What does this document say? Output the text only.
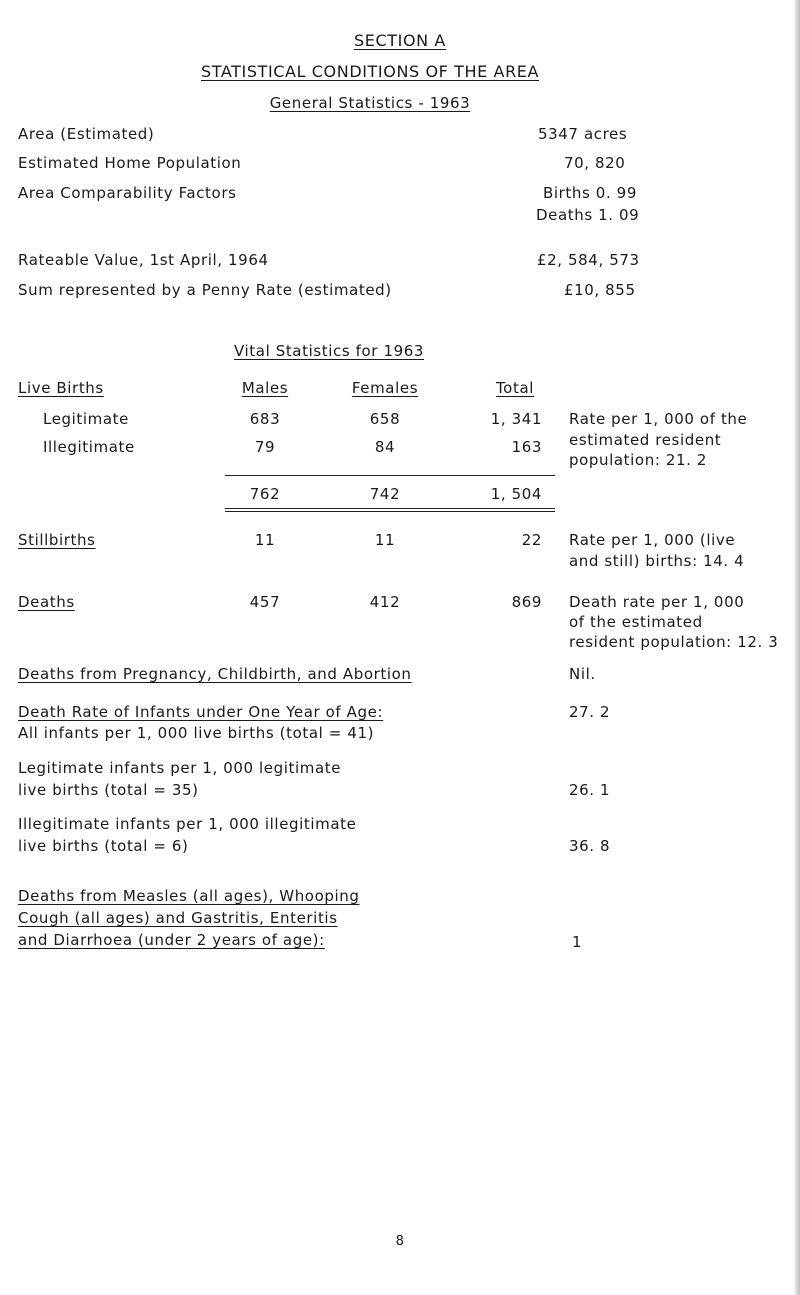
SECTION A
STATISTICAL CONDITIONS OF THE AREA
General Statistics - 1963
Area (Estimated)	5347 acres
Estimated Home Population	70, 820
Area Comparability Factors	Births 0. 99
Deaths 1. 09
Rateable Value, 1st April, 1964	£2, 584, 573
Sum represented by a Penny Rate (estimated)	£10, 855
Vital Statistics for 1963
Live Births	Males	Females	Total
Legitimate	683	658	1, 341
Illegitimate	79	84	163
Rate per 1, 000 of the
estimated resident
population: 21. 2
762	742	1, 504
Stillbirths	11	11	22 Rate per 1, 000 (live
and still) births: 14. 4
Deaths	457	412	869 Death rate per 1, 000
of the estimated
resident population: 12. 3
Deaths from Pregnancy, Childbirth, and Abortion	Nil.
Death Rate of Infants under One Year of Age:	27. 2
All infants per 1, 000 live births (total = 41)
Legitimate infants per 1, 000 legitimate
live births (total = 35)	26. 1
Illegitimate infants per 1, 000 illegitimate
live births (total = 6)	36. 8
Deaths from Measles (all ages), Whooping
Cough (all ages) and Gastritis, Enteritis
and Diarrhoea (under 2 years of age):	1
8
